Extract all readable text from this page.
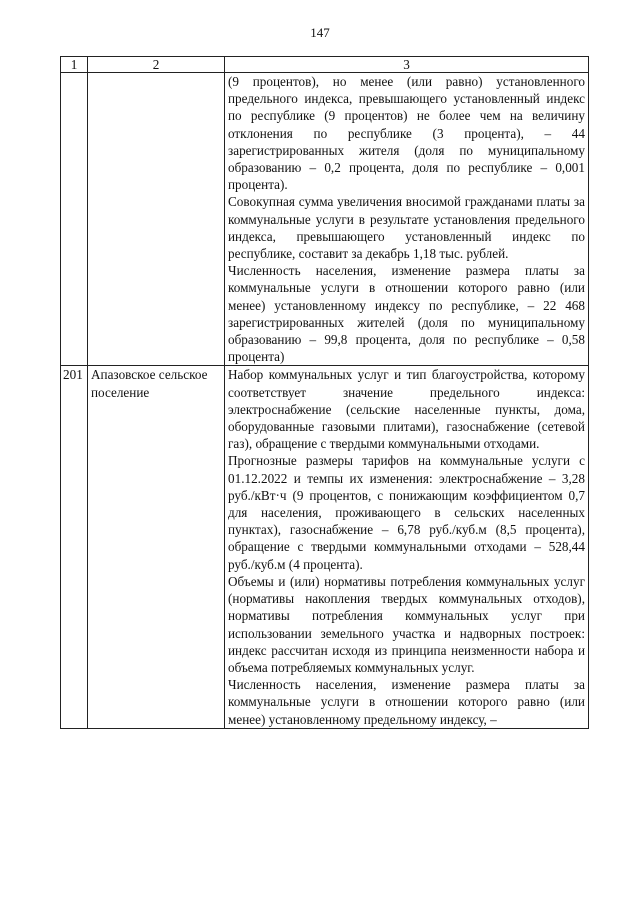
147
1	2	3

		(9 процентов), но менее (или равно) установленного предельного индекса, превышающего установленный индекс по республике (9 процентов) не более чем на величину отклонения по республике (3 процента), – 44 зарегистрированных жителя (доля по муниципальному образованию – 0,2 процента, доля по республике – 0,001 процента).

Совокупная сумма увеличения вносимой гражданами платы за коммунальные услуги в результате установления предельного индекса, превышающего установленный индекс по республике, составит за декабрь 1,18 тыс. рублей.

Численность населения, изменение размера платы за коммунальные услуги в отношении которого равно (или менее) установленному индексу по республике, – 22 468 зарегистрированных жителей (доля по муниципальному образованию – 99,8 процента, доля по республике – 0,58 процента)

201	Апазовское сельское поселение	Набор коммунальных услуг и тип благоустройства, которому соответствует значение предельного индекса: электроснабжение (сельские населенные пункты, дома, оборудованные газовыми плитами), газоснабжение (сетевой газ), обращение с твердыми коммунальными отходами.

Прогнозные размеры тарифов на коммунальные услуги с 01.12.2022 и темпы их изменения: электроснабжение – 3,28 руб./кВт·ч (9 процентов, с понижающим коэффициентом 0,7 для населения, проживающего в сельских населенных пунктах), газоснабжение – 6,78 руб./куб.м (8,5 процента), обращение с твердыми коммунальными отходами – 528,44 руб./куб.м (4 процента).

Объемы и (или) нормативы потребления коммунальных услуг (нормативы накопления твердых коммунальных отходов), нормативы потребления коммунальных услуг при использовании земельного участка и надворных построек: индекс рассчитан исходя из принципа неизменности набора и объема потребляемых коммунальных услуг.

Численность населения, изменение размера платы за коммунальные услуги в отношении которого равно (или менее) установленному предельному индексу, –
